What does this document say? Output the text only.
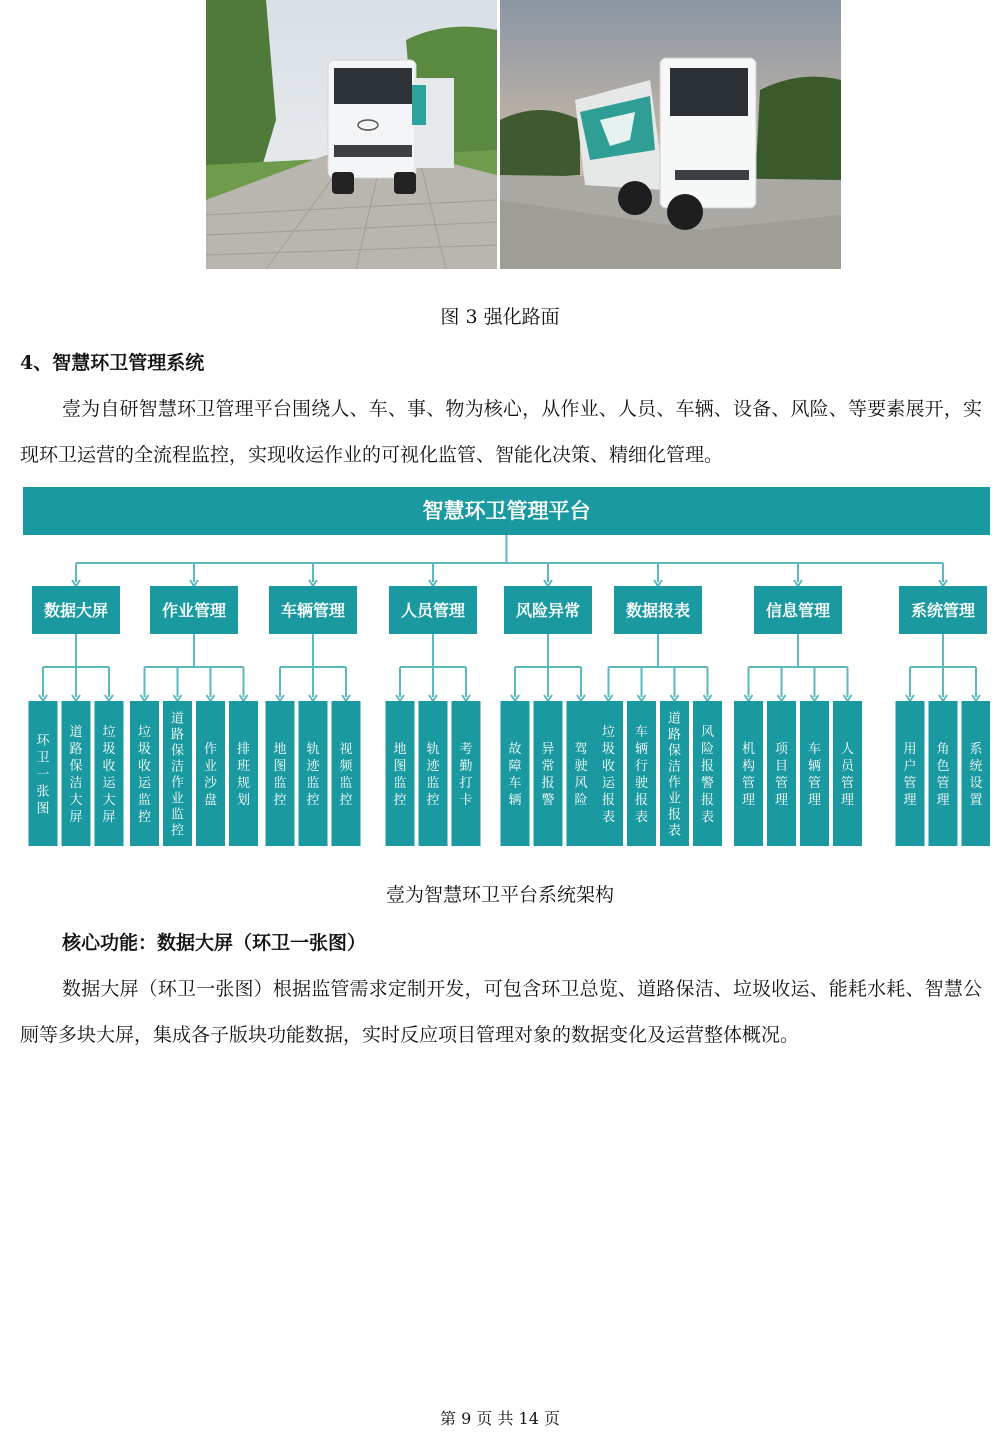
图 3 强化路面
4、智慧环卫管理系统

壹为自研智慧环卫管理平台围绕人、车、事、物为核心，从作业、人员、车辆、设备、风险、等要素展开，实现环卫运营的全流程监控，实现收运作业的可视化监管、智能化决策、精细化管理。

智慧环卫管理平台
数据大屏
环卫一张图
道路保洁大屏
垃圾收运大屏
作业管理
垃圾收运监控
道路保洁作业监控
作业沙盘
排班规划
车辆管理
地图监控
轨迹监控
视频监控
人员管理
地图监控
轨迹监控
考勤打卡
风险异常
故障车辆
异常报警
驾驶风险
数据报表
垃圾收运报表
车辆行驶报表
道路保洁作业报表
风险报警报表
信息管理
机构管理
项目管理
车辆管理
人员管理
系统管理
用户管理
角色管理
系统设置
壹为智慧环卫平台系统架构
核心功能：数据大屏（环卫一张图）

数据大屏（环卫一张图）根据监管需求定制开发，可包含环卫总览、道路保洁、垃圾收运、能耗水耗、智慧公厕等多块大屏，集成各子版块功能数据，实时反应项目管理对象的数据变化及运营整体概况。

第 9 页 共 14 页
